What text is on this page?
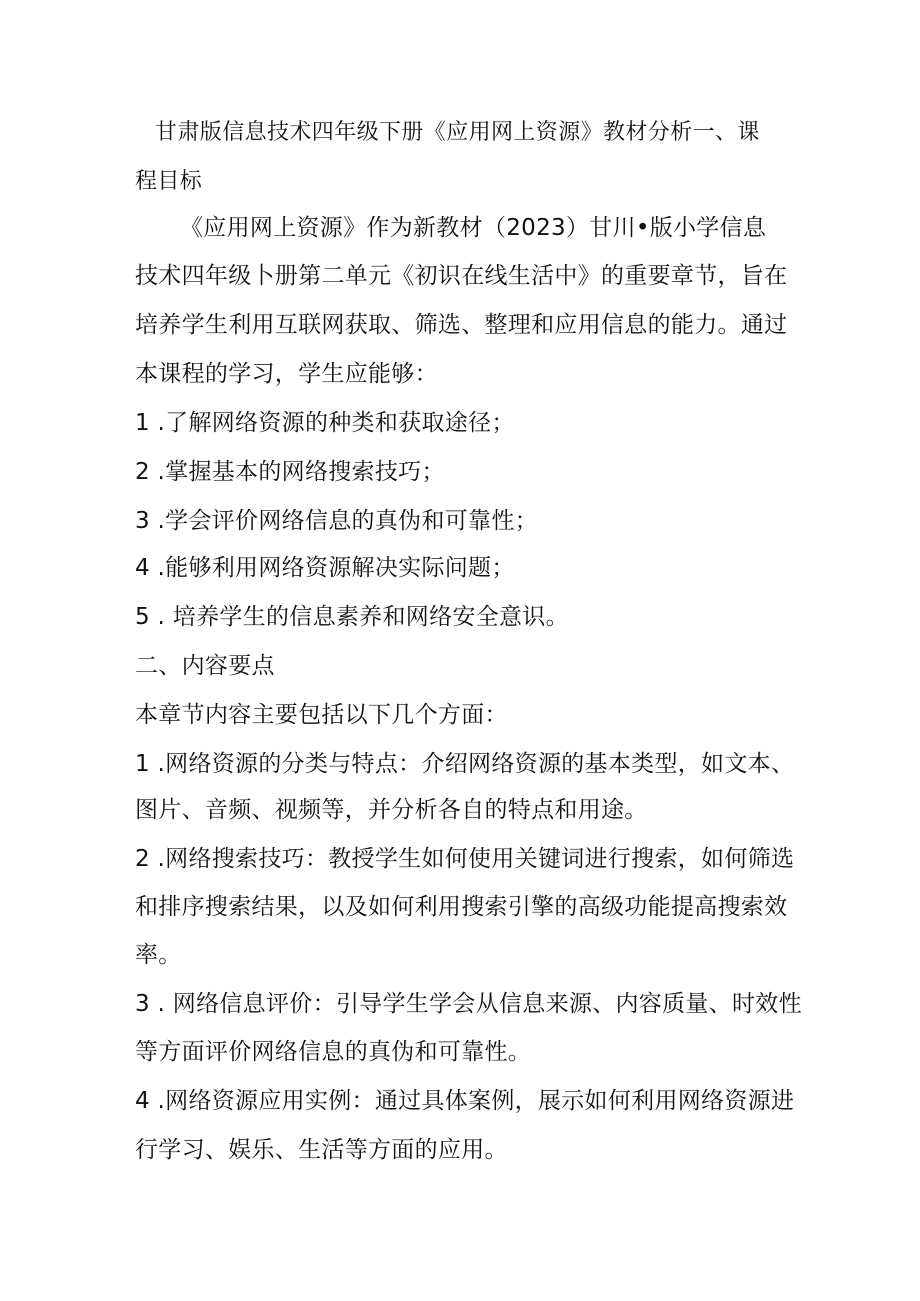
甘肃版信息技术四年级下册《应用网上资源》教材分析一、课
程目标
《应用网上资源》作为新教材（2023）甘川•版小学信息
技术四年级卜册第二单元《初识在线生活中》的重要章节，旨在
培养学生利用互联网获取、筛选、整理和应用信息的能力。通过
本课程的学习，学生应能够：
1 .了解网络资源的种类和获取途径；
2 .掌握基本的网络搜索技巧；
3 .学会评价网络信息的真伪和可靠性；
4 .能够利用网络资源解决实际问题；
5 . 培养学生的信息素养和网络安全意识。
二、内容要点
本章节内容主要包括以下几个方面：
1 .网络资源的分类与特点：介绍网络资源的基本类型，如文本、
图片、音频、视频等，并分析各自的特点和用途。
2 .网络搜索技巧：教授学生如何使用关键词进行搜索，如何筛选
和排序搜索结果，以及如何利用搜索引擎的高级功能提高搜索效
率。
3 . 网络信息评价：引导学生学会从信息来源、内容质量、时效性
等方面评价网络信息的真伪和可靠性。
4 .网络资源应用实例：通过具体案例，展示如何利用网络资源进
行学习、娱乐、生活等方面的应用。
